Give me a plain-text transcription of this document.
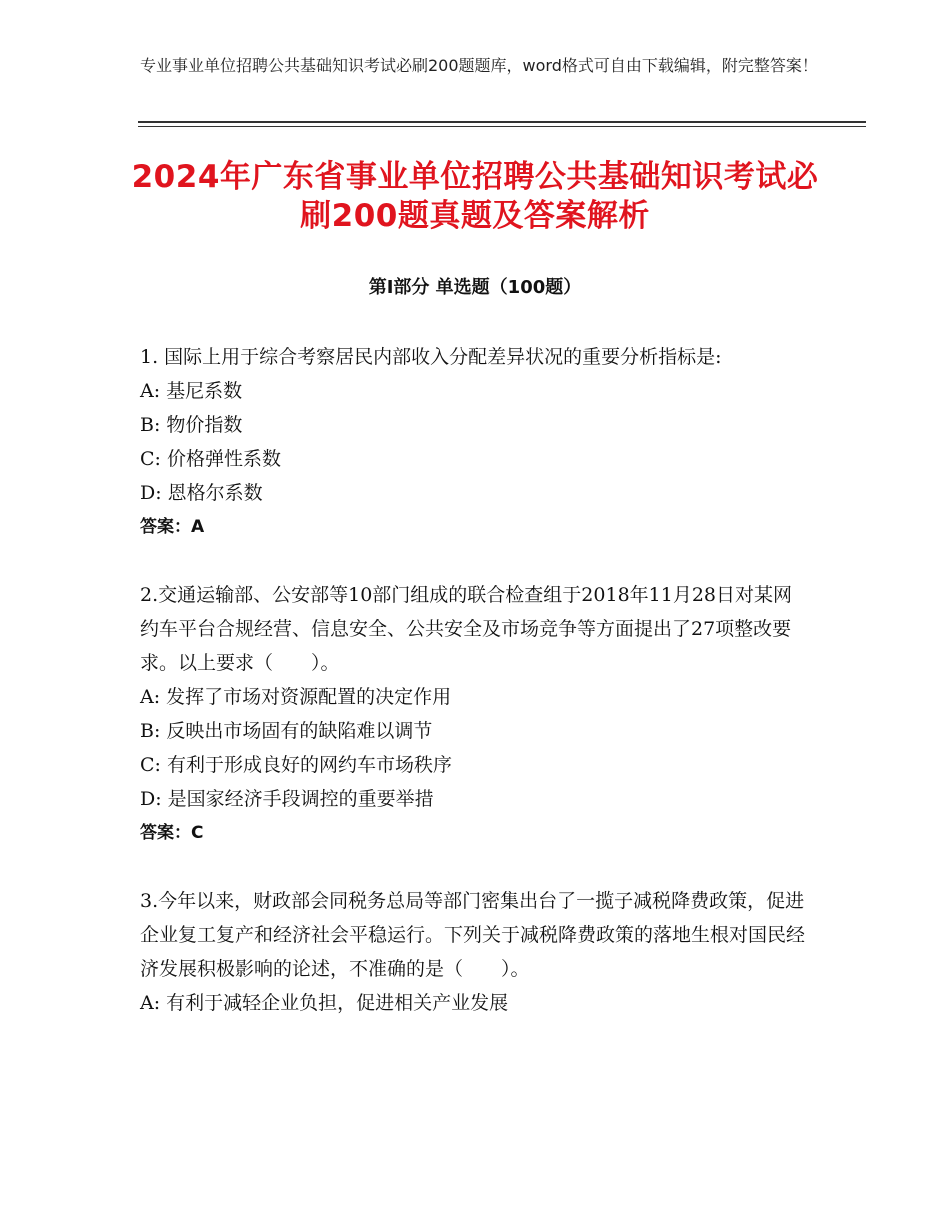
专业事业单位招聘公共基础知识考试必刷200题题库，word格式可自由下载编辑，附完整答案！
2024年广东省事业单位招聘公共基础知识考试必刷200题真题及答案解析
第Ⅰ部分 单选题（100题）

1. 国际上用于综合考察居民内部收入分配差异状况的重要分析指标是:

A: 基尼系数
B: 物价指数
C: 价格弹性系数
D: 恩格尔系数
答案：A

2.交通运输部、公安部等10部门组成的联合检查组于2018年11月28日对某网约车平台合规经营、信息安全、公共安全及市场竞争等方面提出了27项整改要求。以上要求（　　）。

A: 发挥了市场对资源配置的决定作用
B: 反映出市场固有的缺陷难以调节
C: 有利于形成良好的网约车市场秩序
D: 是国家经济手段调控的重要举措
答案：C

3.今年以来，财政部会同税务总局等部门密集出台了一揽子减税降费政策，促进企业复工复产和经济社会平稳运行。下列关于减税降费政策的落地生根对国民经济发展积极影响的论述，不准确的是（　　）。

A: 有利于减轻企业负担，促进相关产业发展
